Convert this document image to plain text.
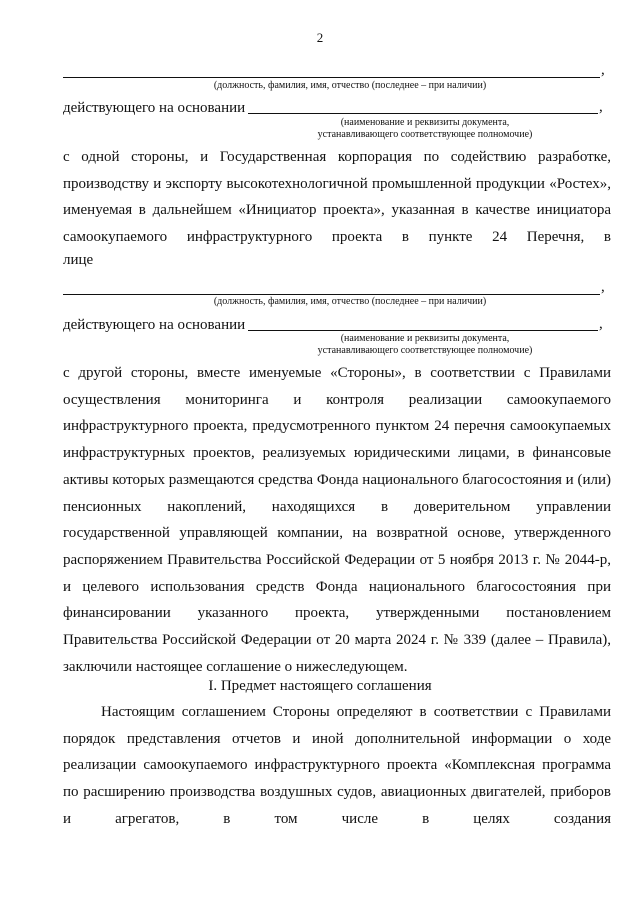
2
,
(должность, фамилия, имя, отчество (последнее – при наличии)
действующего на основании	,
(наименование и реквизиты документа,
устанавливающего соответствующее полномочие)
с одной стороны, и Государственная корпорация по содействию разработке, производству и экспорту высокотехнологичной промышленной продукции «Ростех», именуемая в дальнейшем «Инициатор проекта», указанная в качестве инициатора самоокупаемого инфраструктурного проекта в пункте 24 Перечня, в
лице
,
(должность, фамилия, имя, отчество (последнее – при наличии)
действующего на основании	,
(наименование и реквизиты документа,
устанавливающего соответствующее полномочие)
с другой стороны, вместе именуемые «Стороны», в соответствии с Правилами осуществления мониторинга и контроля реализации самоокупаемого инфраструктурного проекта, предусмотренного пунктом 24 перечня самоокупаемых инфраструктурных проектов, реализуемых юридическими лицами, в финансовые активы которых размещаются средства Фонда национального благосостояния и (или) пенсионных накоплений, находящихся в доверительном управлении государственной управляющей компании, на возвратной основе, утвержденного распоряжением Правительства Российской Федерации от 5 ноября 2013 г. № 2044-р, и целевого использования средств Фонда национального благосостояния при финансировании указанного проекта, утвержденными постановлением Правительства Российской Федерации от 20 марта 2024 г. № 339 (далее – Правила), заключили настоящее соглашение о нижеследующем.
I. Предмет настоящего соглашения
Настоящим соглашением Стороны определяют в соответствии с Правилами порядок представления отчетов и иной дополнительной информации о ходе реализации самоокупаемого инфраструктурного проекта «Комплексная программа по расширению производства воздушных судов, авиационных двигателей, приборов и агрегатов, в том числе в целях создания
